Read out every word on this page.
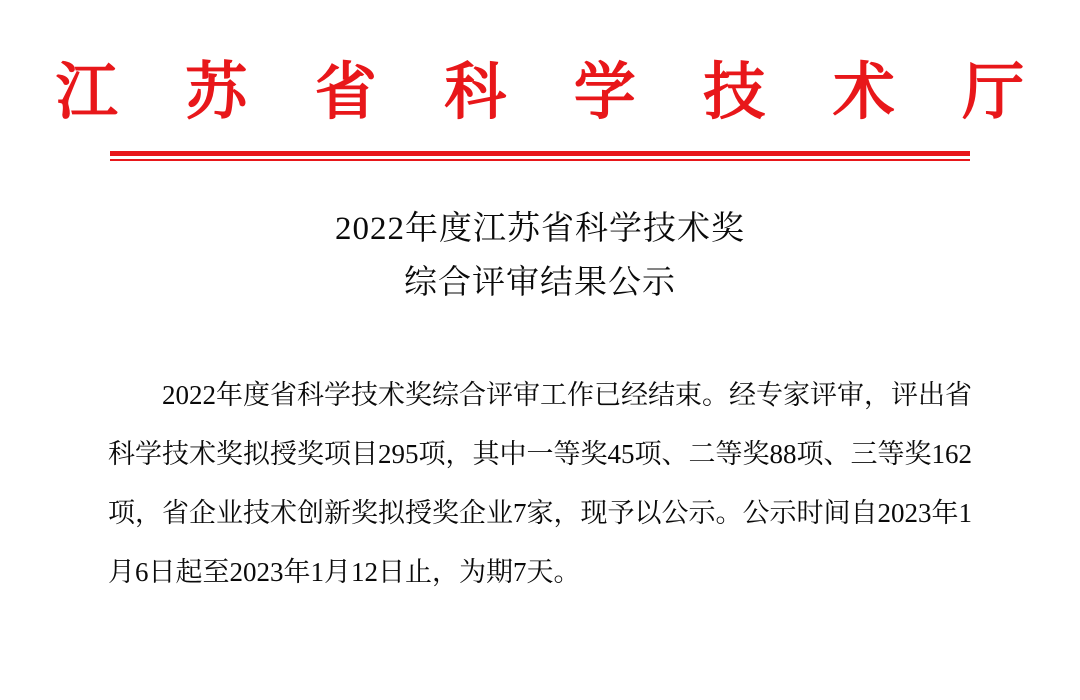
江 苏 省 科 学 技 术 厅
2022年度江苏省科学技术奖
综合评审结果公示

2022年度省科学技术奖综合评审工作已经结束。经专家评审，评出省科学技术奖拟授奖项目295项，其中一等奖45项、二等奖88项、三等奖162项，省企业技术创新奖拟授奖企业7家，现予以公示。公示时间自2023年1月6日起至2023年1月12日止，为期7天。
